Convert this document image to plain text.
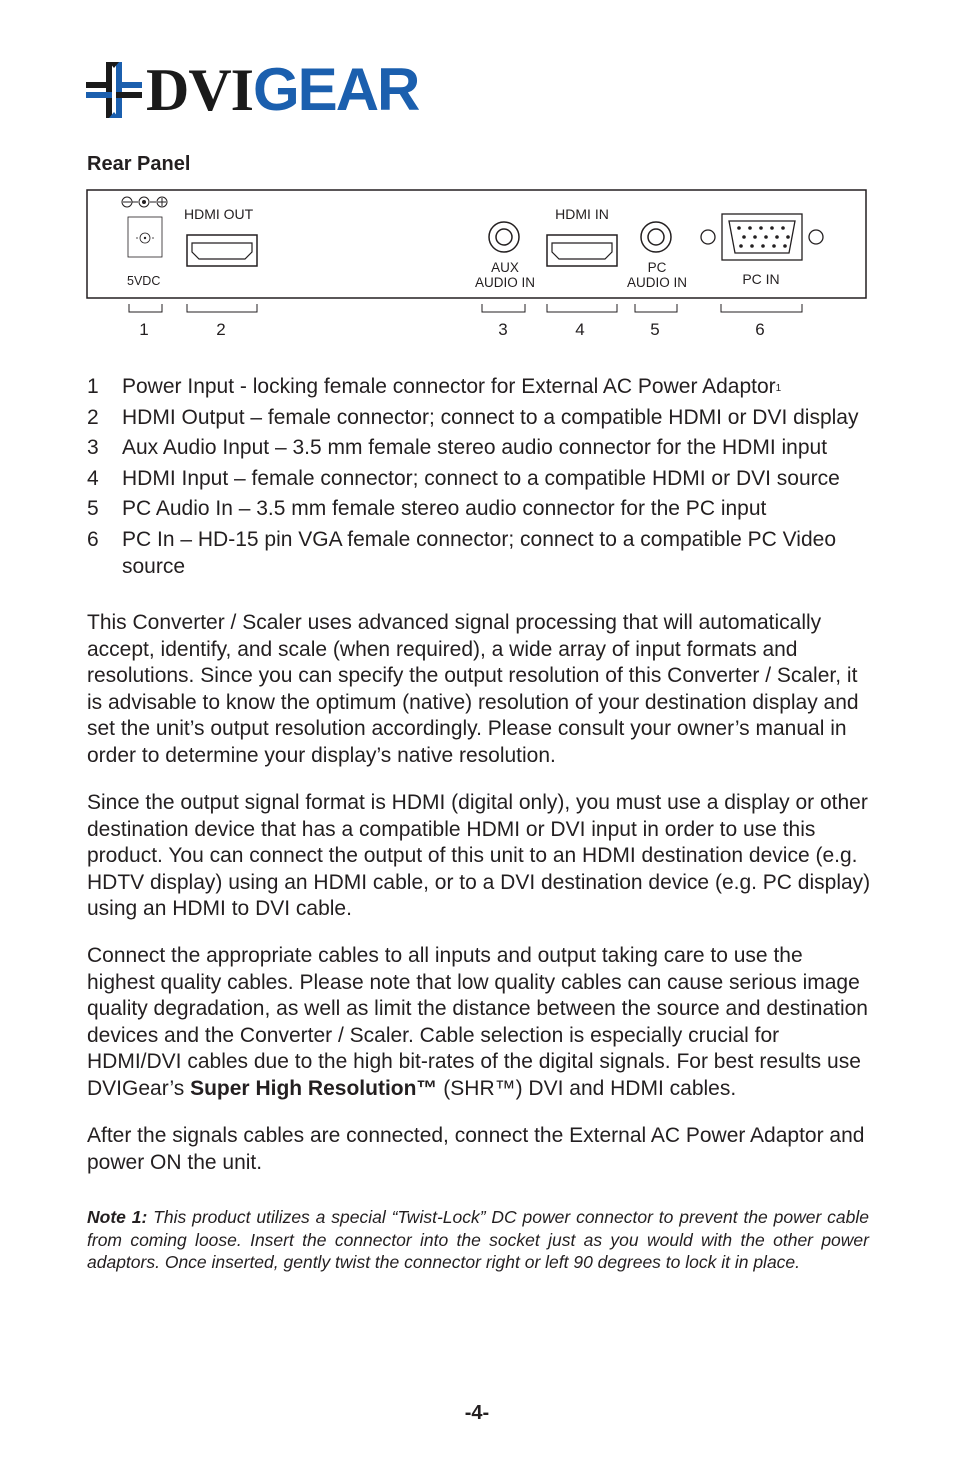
DVIGEAR
Rear Panel
5VDC
HDMI OUT
AUX
AUDIO IN
HDMI IN
PC
AUDIO IN	PC IN
1	2	3	4	5	6
1 Power Input - locking female connector for External AC Power Adaptor$^1$
2 HDMI Output – female connector; connect to a compatible HDMI or DVI display
3 Aux Audio Input – 3.5 mm female stereo audio connector for the HDMI input
4 HDMI Input – female connector; connect to a compatible HDMI or DVI source
5 PC Audio In – 3.5 mm female stereo audio connector for the PC input
6 PC In – HD-15 pin VGA female connector; connect to a compatible PC Video source

This Converter / Scaler uses advanced signal processing that will automatically accept, identify, and scale (when required), a wide array of input formats and resolutions. Since you can specify the output resolution of this Converter / Scaler, it is advisable to know the optimum (native) resolution of your destination display and set the unit’s output resolution accordingly. Please consult your owner’s manual in order to determine your display’s native resolution.

Since the output signal format is HDMI (digital only), you must use a display or other destination device that has a compatible HDMI or DVI input in order to use this product. You can connect the output of this unit to an HDMI destination device (e.g. HDTV display) using an HDMI cable, or to a DVI destination device (e.g. PC display) using an HDMI to DVI cable.

Connect the appropriate cables to all inputs and output taking care to use the highest quality cables. Please note that low quality cables can cause serious image quality degradation, as well as limit the distance between the source and destination devices and the Converter / Scaler. Cable selection is especially crucial for HDMI/DVI cables due to the high bit-rates of the digital signals. For best results use DVIGear’s Super High Resolution™ (SHR™) DVI and HDMI cables.

After the signals cables are connected, connect the External AC Power Adaptor and power ON the unit.

Note 1: This product utilizes a special “Twist-Lock” DC power connector to prevent the power cable from coming loose. Insert the connector into the socket just as you would with the other power adaptors. Once inserted, gently twist the connector right or left 90 degrees to lock it in place.

-4-
